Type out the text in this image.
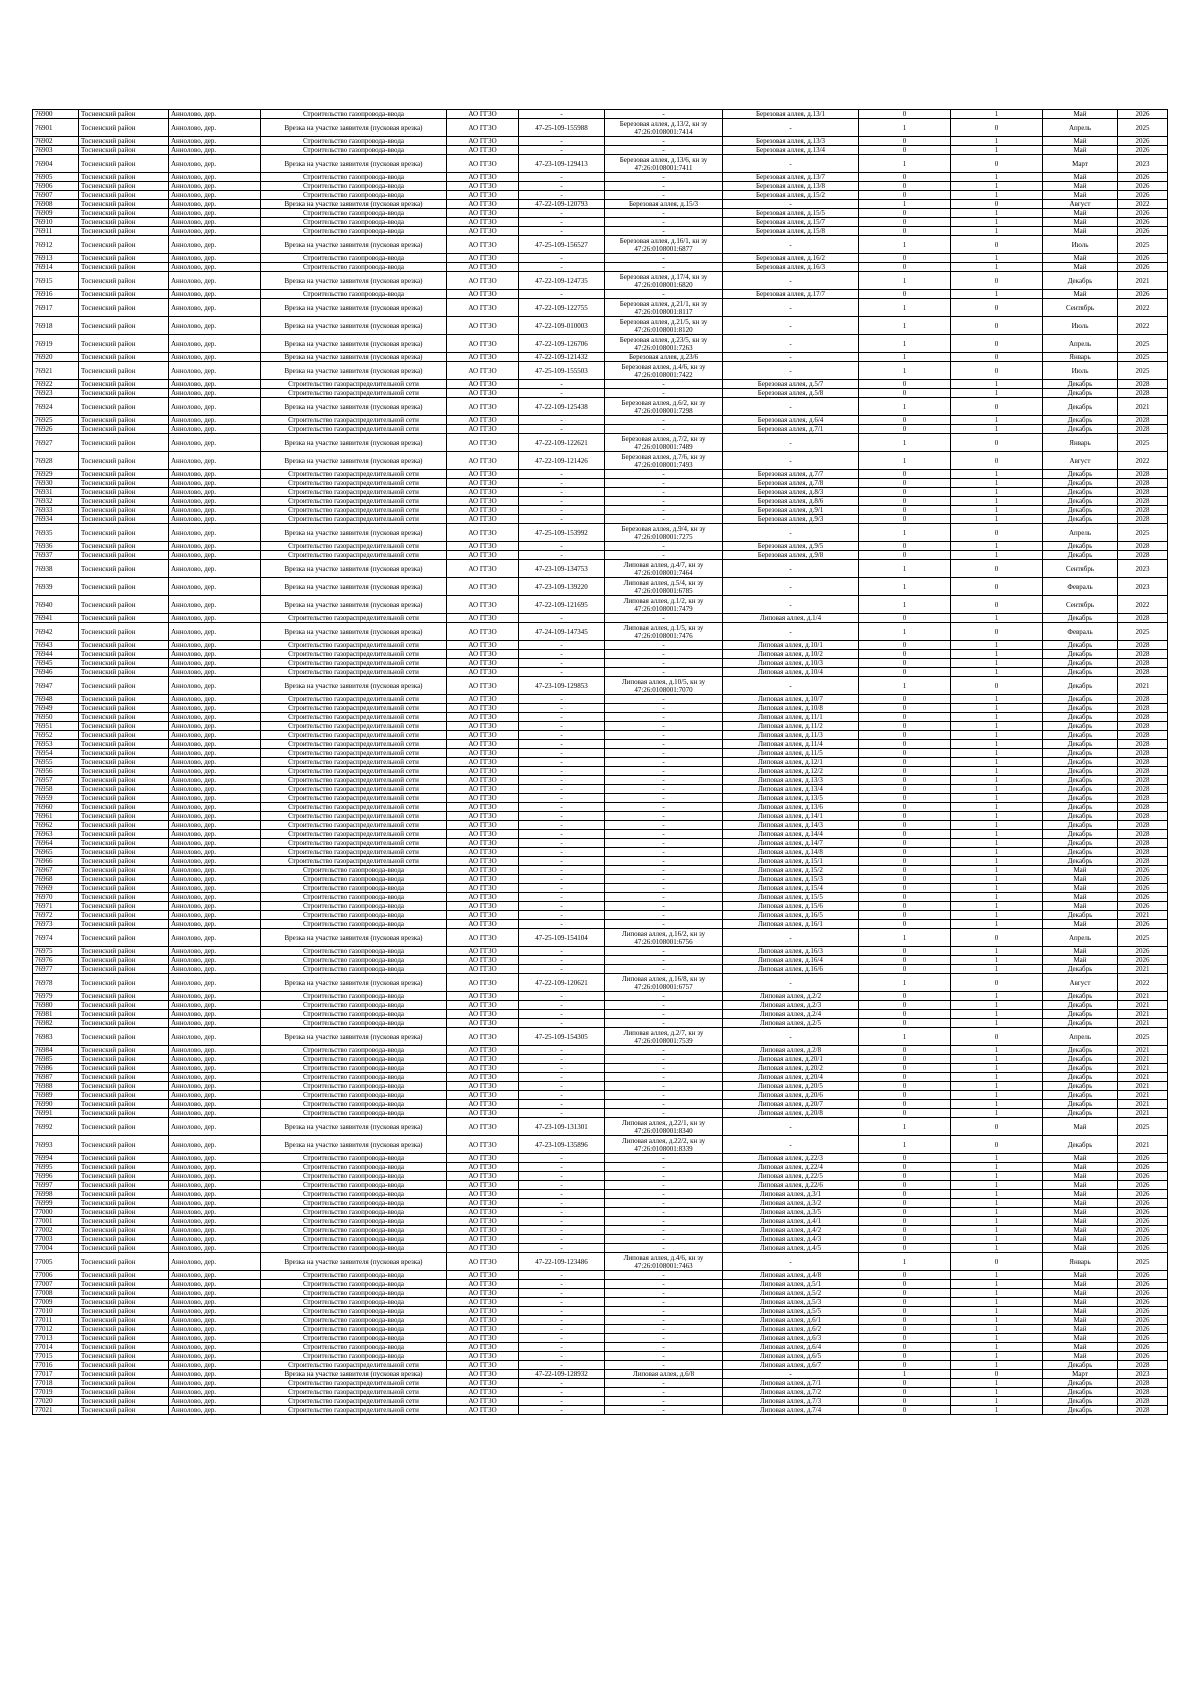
76900	Тосненский район	Аннолово, дер.	Строительство газопровода-ввода	АО ГГЗО	-	-	Березовая аллея, д.13/1	0	1	Май	2026
76901	Тосненский район	Аннолово, дер.	Врезка на участке заявителя (пусковая врезка)	АО ГГЗО	47-25-109-155988	Березовая аллея, д.13/2, кн зу 47:26:0108001:7414	-	1	0	Апрель	2025
76902	Тосненский район	Аннолово, дер.	Строительство газопровода-ввода	АО ГГЗО	-	-	Березовая аллея, д.13/3	0	1	Май	2026
76903	Тосненский район	Аннолово, дер.	Строительство газопровода-ввода	АО ГГЗО	-	-	Березовая аллея, д.13/4	0	1	Май	2026
76904	Тосненский район	Аннолово, дер.	Врезка на участке заявителя (пусковая врезка)	АО ГГЗО	47-23-109-129413	Березовая аллея, д.13/6, кн зу 47:26:0108001:7411	-	1	0	Март	2023
76905	Тосненский район	Аннолово, дер.	Строительство газопровода-ввода	АО ГГЗО	-	-	Березовая аллея, д.13/7	0	1	Май	2026
76906	Тосненский район	Аннолово, дер.	Строительство газопровода-ввода	АО ГГЗО	-	-	Березовая аллея, д.13/8	0	1	Май	2026
76907	Тосненский район	Аннолово, дер.	Строительство газопровода-ввода	АО ГГЗО	-	-	Березовая аллея, д.15/2	0	1	Май	2026
76908	Тосненский район	Аннолово, дер.	Врезка на участке заявителя (пусковая врезка)	АО ГГЗО	47-22-109-120793	Березовая аллея, д.15/3	-	1	0	Август	2022
76909	Тосненский район	Аннолово, дер.	Строительство газопровода-ввода	АО ГГЗО	-	-	Березовая аллея, д.15/5	0	1	Май	2026
76910	Тосненский район	Аннолово, дер.	Строительство газопровода-ввода	АО ГГЗО	-	-	Березовая аллея, д.15/7	0	1	Май	2026
76911	Тосненский район	Аннолово, дер.	Строительство газопровода-ввода	АО ГГЗО	-	-	Березовая аллея, д.15/8	0	1	Май	2026
76912	Тосненский район	Аннолово, дер.	Врезка на участке заявителя (пусковая врезка)	АО ГГЗО	47-25-109-156527	Березовая аллея, д.16/1, кн зу 47:26:0108001:6877	-	1	0	Июль	2025
76913	Тосненский район	Аннолово, дер.	Строительство газопровода-ввода	АО ГГЗО	-	-	Березовая аллея, д.16/2	0	1	Май	2026
76914	Тосненский район	Аннолово, дер.	Строительство газопровода-ввода	АО ГГЗО	-	-	Березовая аллея, д.16/3	0	1	Май	2026
76915	Тосненский район	Аннолово, дер.	Врезка на участке заявителя (пусковая врезка)	АО ГГЗО	47-22-109-124735	Березовая аллея, д.17/4, кн зу 47:26:0108001:6820	-	1	0	Декабрь	2021
76916	Тосненский район	Аннолово, дер.	Строительство газопровода-ввода	АО ГГЗО	-	-	Березовая аллея, д.17/7	0	1	Май	2026
76917	Тосненский район	Аннолово, дер.	Врезка на участке заявителя (пусковая врезка)	АО ГГЗО	47-22-109-122755	Березовая аллея, д.21/1, кн зу 47:26:0108001:8117	-	1	0	Сентябрь	2022
76918	Тосненский район	Аннолово, дер.	Врезка на участке заявителя (пусковая врезка)	АО ГГЗО	47-22-109-010003	Березовая аллея, д.21/5, кн зу 47:26:0108001:8120	-	1	0	Июль	2022
76919	Тосненский район	Аннолово, дер.	Врезка на участке заявителя (пусковая врезка)	АО ГГЗО	47-22-109-126706	Березовая аллея, д.23/5, кн зу 47:26:0108001:7263	-	1	0	Апрель	2025
76920	Тосненский район	Аннолово, дер.	Врезка на участке заявителя (пусковая врезка)	АО ГГЗО	47-22-109-121432	Березовая аллея, д.23/6	-	1	0	Январь	2025
76921	Тосненский район	Аннолово, дер.	Врезка на участке заявителя (пусковая врезка)	АО ГГЗО	47-25-109-155503	Березовая аллея, д.4/6, кн зу 47:26:0108001:7422	-	1	0	Июль	2025
76922	Тосненский район	Аннолово, дер.	Строительство газораспределительной сети	АО ГГЗО	-	-	Березовая аллея, д.5/7	0	1	Декабрь	2028
76923	Тосненский район	Аннолово, дер.	Строительство газораспределительной сети	АО ГГЗО	-	-	Березовая аллея, д.5/8	0	1	Декабрь	2028
76924	Тосненский район	Аннолово, дер.	Врезка на участке заявителя (пусковая врезка)	АО ГГЗО	47-22-109-125438	Березовая аллея, д.6/2, кн зу 47:26:0108001:7298	-	1	0	Декабрь	2021
76925	Тосненский район	Аннолово, дер.	Строительство газораспределительной сети	АО ГГЗО	-	-	Березовая аллея, д.6/4	0	1	Декабрь	2028
76926	Тосненский район	Аннолово, дер.	Строительство газораспределительной сети	АО ГГЗО	-	-	Березовая аллея, д.7/1	0	1	Декабрь	2028
76927	Тосненский район	Аннолово, дер.	Врезка на участке заявителя (пусковая врезка)	АО ГГЗО	47-22-109-122621	Березовая аллея, д.7/2, кн зу 47:26:0108001:7489	-	1	0	Январь	2025
76928	Тосненский район	Аннолово, дер.	Врезка на участке заявителя (пусковая врезка)	АО ГГЗО	47-22-109-121426	Березовая аллея, д.7/6, кн зу 47:26:0108001:7493	-	1	0	Август	2022
76929	Тосненский район	Аннолово, дер.	Строительство газораспределительной сети	АО ГГЗО	-	-	Березовая аллея, д.7/7	0	1	Декабрь	2028
76930	Тосненский район	Аннолово, дер.	Строительство газораспределительной сети	АО ГГЗО	-	-	Березовая аллея, д.7/8	0	1	Декабрь	2028
76931	Тосненский район	Аннолово, дер.	Строительство газораспределительной сети	АО ГГЗО	-	-	Березовая аллея, д.8/3	0	1	Декабрь	2028
76932	Тосненский район	Аннолово, дер.	Строительство газораспределительной сети	АО ГГЗО	-	-	Березовая аллея, д.8/6	0	1	Декабрь	2028
76933	Тосненский район	Аннолово, дер.	Строительство газораспределительной сети	АО ГГЗО	-	-	Березовая аллея, д.9/1	0	1	Декабрь	2028
76934	Тосненский район	Аннолово, дер.	Строительство газораспределительной сети	АО ГГЗО	-	-	Березовая аллея, д.9/3	0	1	Декабрь	2028
76935	Тосненский район	Аннолово, дер.	Врезка на участке заявителя (пусковая врезка)	АО ГГЗО	47-25-109-153992	Березовая аллея, д.9/4, кн зу 47:26:0108001:7275	-	1	0	Апрель	2025
76936	Тосненский район	Аннолово, дер.	Строительство газораспределительной сети	АО ГГЗО	-	-	Березовая аллея, д.9/5	0	1	Декабрь	2028
76937	Тосненский район	Аннолово, дер.	Строительство газораспределительной сети	АО ГГЗО	-	-	Березовая аллея, д.9/8	0	1	Декабрь	2028
76938	Тосненский район	Аннолово, дер.	Врезка на участке заявителя (пусковая врезка)	АО ГГЗО	47-23-109-134753	Липовая аллея, д.4/7, кн зу 47:26:0108001:7464	-	1	0	Сентябрь	2023
76939	Тосненский район	Аннолово, дер.	Врезка на участке заявителя (пусковая врезка)	АО ГГЗО	47-23-109-139220	Липовая аллея, д.5/4, кн зу 47:26:0108001:6785	-	1	0	Февраль	2023
76940	Тосненский район	Аннолово, дер.	Врезка на участке заявителя (пусковая врезка)	АО ГГЗО	47-22-109-121695	Липовая аллея, д.1/2, кн зу 47:26:0108001:7479	-	1	0	Сентябрь	2022
76941	Тосненский район	Аннолово, дер.	Строительство газораспределительной сети	АО ГГЗО	-	-	Липовая аллея, д.1/4	0	1	Декабрь	2028
76942	Тосненский район	Аннолово, дер.	Врезка на участке заявителя (пусковая врезка)	АО ГГЗО	47-24-109-147345	Липовая аллея, д.1/5, кн зу 47:26:0108001:7476	-	1	0	Февраль	2025
76943	Тосненский район	Аннолово, дер.	Строительство газораспределительной сети	АО ГГЗО	-	-	Липовая аллея, д.10/1	0	1	Декабрь	2028
76944	Тосненский район	Аннолово, дер.	Строительство газораспределительной сети	АО ГГЗО	-	-	Липовая аллея, д.10/2	0	1	Декабрь	2028
76945	Тосненский район	Аннолово, дер.	Строительство газораспределительной сети	АО ГГЗО	-	-	Липовая аллея, д.10/3	0	1	Декабрь	2028
76946	Тосненский район	Аннолово, дер.	Строительство газораспределительной сети	АО ГГЗО	-	-	Липовая аллея, д.10/4	0	1	Декабрь	2028
76947	Тосненский район	Аннолово, дер.	Врезка на участке заявителя (пусковая врезка)	АО ГГЗО	47-23-109-129853	Липовая аллея, д.10/5, кн зу 47:26:0108001:7070	-	1	0	Декабрь	2021
76948	Тосненский район	Аннолово, дер.	Строительство газораспределительной сети	АО ГГЗО	-	-	Липовая аллея, д.10/7	0	1	Декабрь	2028
76949	Тосненский район	Аннолово, дер.	Строительство газораспределительной сети	АО ГГЗО	-	-	Липовая аллея, д.10/8	0	1	Декабрь	2028
76950	Тосненский район	Аннолово, дер.	Строительство газораспределительной сети	АО ГГЗО	-	-	Липовая аллея, д.11/1	0	1	Декабрь	2028
76951	Тосненский район	Аннолово, дер.	Строительство газораспределительной сети	АО ГГЗО	-	-	Липовая аллея, д.11/2	0	1	Декабрь	2028
76952	Тосненский район	Аннолово, дер.	Строительство газораспределительной сети	АО ГГЗО	-	-	Липовая аллея, д.11/3	0	1	Декабрь	2028
76953	Тосненский район	Аннолово, дер.	Строительство газораспределительной сети	АО ГГЗО	-	-	Липовая аллея, д.11/4	0	1	Декабрь	2028
76954	Тосненский район	Аннолово, дер.	Строительство газораспределительной сети	АО ГГЗО	-	-	Липовая аллея, д.11/5	0	1	Декабрь	2028
76955	Тосненский район	Аннолово, дер.	Строительство газораспределительной сети	АО ГГЗО	-	-	Липовая аллея, д.12/1	0	1	Декабрь	2028
76956	Тосненский район	Аннолово, дер.	Строительство газораспределительной сети	АО ГГЗО	-	-	Липовая аллея, д.12/2	0	1	Декабрь	2028
76957	Тосненский район	Аннолово, дер.	Строительство газораспределительной сети	АО ГГЗО	-	-	Липовая аллея, д.13/3	0	1	Декабрь	2028
76958	Тосненский район	Аннолово, дер.	Строительство газораспределительной сети	АО ГГЗО	-	-	Липовая аллея, д.13/4	0	1	Декабрь	2028
76959	Тосненский район	Аннолово, дер.	Строительство газораспределительной сети	АО ГГЗО	-	-	Липовая аллея, д.13/5	0	1	Декабрь	2028
76960	Тосненский район	Аннолово, дер.	Строительство газораспределительной сети	АО ГГЗО	-	-	Липовая аллея, д.13/6	0	1	Декабрь	2028
76961	Тосненский район	Аннолово, дер.	Строительство газораспределительной сети	АО ГГЗО	-	-	Липовая аллея, д.14/1	0	1	Декабрь	2028
76962	Тосненский район	Аннолово, дер.	Строительство газораспределительной сети	АО ГГЗО	-	-	Липовая аллея, д.14/3	0	1	Декабрь	2028
76963	Тосненский район	Аннолово, дер.	Строительство газораспределительной сети	АО ГГЗО	-	-	Липовая аллея, д.14/4	0	1	Декабрь	2028
76964	Тосненский район	Аннолово, дер.	Строительство газораспределительной сети	АО ГГЗО	-	-	Липовая аллея, д.14/7	0	1	Декабрь	2028
76965	Тосненский район	Аннолово, дер.	Строительство газораспределительной сети	АО ГГЗО	-	-	Липовая аллея, д.14/8	0	1	Декабрь	2028
76966	Тосненский район	Аннолово, дер.	Строительство газораспределительной сети	АО ГГЗО	-	-	Липовая аллея, д.15/1	0	1	Декабрь	2028
76967	Тосненский район	Аннолово, дер.	Строительство газопровода-ввода	АО ГГЗО	-	-	Липовая аллея, д.15/2	0	1	Май	2026
76968	Тосненский район	Аннолово, дер.	Строительство газопровода-ввода	АО ГГЗО	-	-	Липовая аллея, д.15/3	0	1	Май	2026
76969	Тосненский район	Аннолово, дер.	Строительство газопровода-ввода	АО ГГЗО	-	-	Липовая аллея, д.15/4	0	1	Май	2026
76970	Тосненский район	Аннолово, дер.	Строительство газопровода-ввода	АО ГГЗО	-	-	Липовая аллея, д.15/5	0	1	Май	2026
76971	Тосненский район	Аннолово, дер.	Строительство газопровода-ввода	АО ГГЗО	-	-	Липовая аллея, д.15/6	0	1	Май	2026
76972	Тосненский район	Аннолово, дер.	Строительство газопровода-ввода	АО ГГЗО	-	-	Липовая аллея, д.16/5	0	1	Декабрь	2021
76973	Тосненский район	Аннолово, дер.	Строительство газопровода-ввода	АО ГГЗО	-	-	Липовая аллея, д.16/1	0	1	Май	2026
76974	Тосненский район	Аннолово, дер.	Врезка на участке заявителя (пусковая врезка)	АО ГГЗО	47-25-109-154104	Липовая аллея, д.16/2, кн зу 47:26:0108001:6756	-	1	0	Апрель	2025
76975	Тосненский район	Аннолово, дер.	Строительство газопровода-ввода	АО ГГЗО	-	-	Липовая аллея, д.16/3	0	1	Май	2026
76976	Тосненский район	Аннолово, дер.	Строительство газопровода-ввода	АО ГГЗО	-	-	Липовая аллея, д.16/4	0	1	Май	2026
76977	Тосненский район	Аннолово, дер.	Строительство газопровода-ввода	АО ГГЗО	-	-	Липовая аллея, д.16/6	0	1	Декабрь	2021
76978	Тосненский район	Аннолово, дер.	Врезка на участке заявителя (пусковая врезка)	АО ГГЗО	47-22-109-120621	Липовая аллея, д.16/8, кн зу 47:26:0108001:6757	-	1	0	Август	2022
76979	Тосненский район	Аннолово, дер.	Строительство газопровода-ввода	АО ГГЗО	-	-	Липовая аллея, д.2/2	0	1	Декабрь	2021
76980	Тосненский район	Аннолово, дер.	Строительство газопровода-ввода	АО ГГЗО	-	-	Липовая аллея, д.2/3	0	1	Декабрь	2021
76981	Тосненский район	Аннолово, дер.	Строительство газопровода-ввода	АО ГГЗО	-	-	Липовая аллея, д.2/4	0	1	Декабрь	2021
76982	Тосненский район	Аннолово, дер.	Строительство газопровода-ввода	АО ГГЗО	-	-	Липовая аллея, д.2/5	0	1	Декабрь	2021
76983	Тосненский район	Аннолово, дер.	Врезка на участке заявителя (пусковая врезка)	АО ГГЗО	47-25-109-154305	Липовая аллея, д.2/7, кн зу 47:26:0108001:7539	-	1	0	Апрель	2025
76984	Тосненский район	Аннолово, дер.	Строительство газопровода-ввода	АО ГГЗО	-	-	Липовая аллея, д.2/8	0	1	Декабрь	2021
76985	Тосненский район	Аннолово, дер.	Строительство газопровода-ввода	АО ГГЗО	-	-	Липовая аллея, д.20/1	0	1	Декабрь	2021
76986	Тосненский район	Аннолово, дер.	Строительство газопровода-ввода	АО ГГЗО	-	-	Липовая аллея, д.20/2	0	1	Декабрь	2021
76987	Тосненский район	Аннолово, дер.	Строительство газопровода-ввода	АО ГГЗО	-	-	Липовая аллея, д.20/4	0	1	Декабрь	2021
76988	Тосненский район	Аннолово, дер.	Строительство газопровода-ввода	АО ГГЗО	-	-	Липовая аллея, д.20/5	0	1	Декабрь	2021
76989	Тосненский район	Аннолово, дер.	Строительство газопровода-ввода	АО ГГЗО	-	-	Липовая аллея, д.20/6	0	1	Декабрь	2021
76990	Тосненский район	Аннолово, дер.	Строительство газопровода-ввода	АО ГГЗО	-	-	Липовая аллея, д.20/7	0	1	Декабрь	2021
76991	Тосненский район	Аннолово, дер.	Строительство газопровода-ввода	АО ГГЗО	-	-	Липовая аллея, д.20/8	0	1	Декабрь	2021
76992	Тосненский район	Аннолово, дер.	Врезка на участке заявителя (пусковая врезка)	АО ГГЗО	47-23-109-131301	Липовая аллея, д.22/1, кн зу 47:26:0108001:8340	-	1	0	Май	2025
76993	Тосненский район	Аннолово, дер.	Врезка на участке заявителя (пусковая врезка)	АО ГГЗО	47-23-109-135896	Липовая аллея, д.22/2, кн зу 47:26:0108001:8339	-	1	0	Декабрь	2021
76994	Тосненский район	Аннолово, дер.	Строительство газопровода-ввода	АО ГГЗО	-	-	Липовая аллея, д.22/3	0	1	Май	2026
76995	Тосненский район	Аннолово, дер.	Строительство газопровода-ввода	АО ГГЗО	-	-	Липовая аллея, д.22/4	0	1	Май	2026
76996	Тосненский район	Аннолово, дер.	Строительство газопровода-ввода	АО ГГЗО	-	-	Липовая аллея, д.22/5	0	1	Май	2026
76997	Тосненский район	Аннолово, дер.	Строительство газопровода-ввода	АО ГГЗО	-	-	Липовая аллея, д.22/6	0	1	Май	2026
76998	Тосненский район	Аннолово, дер.	Строительство газопровода-ввода	АО ГГЗО	-	-	Липовая аллея, д.3/1	0	1	Май	2026
76999	Тосненский район	Аннолово, дер.	Строительство газопровода-ввода	АО ГГЗО	-	-	Липовая аллея, д.3/2	0	1	Май	2026
77000	Тосненский район	Аннолово, дер.	Строительство газопровода-ввода	АО ГГЗО	-	-	Липовая аллея, д.3/5	0	1	Май	2026
77001	Тосненский район	Аннолово, дер.	Строительство газопровода-ввода	АО ГГЗО	-	-	Липовая аллея, д.4/1	0	1	Май	2026
77002	Тосненский район	Аннолово, дер.	Строительство газопровода-ввода	АО ГГЗО	-	-	Липовая аллея, д.4/2	0	1	Май	2026
77003	Тосненский район	Аннолово, дер.	Строительство газопровода-ввода	АО ГГЗО	-	-	Липовая аллея, д.4/3	0	1	Май	2026
77004	Тосненский район	Аннолово, дер.	Строительство газопровода-ввода	АО ГГЗО	-	-	Липовая аллея, д.4/5	0	1	Май	2026
77005	Тосненский район	Аннолово, дер.	Врезка на участке заявителя (пусковая врезка)	АО ГГЗО	47-22-109-123486	Липовая аллея, д.4/6, кн зу 47:26:0108001:7463	-	1	0	Январь	2025
77006	Тосненский район	Аннолово, дер.	Строительство газопровода-ввода	АО ГГЗО	-	-	Липовая аллея, д.4/8	0	1	Май	2026
77007	Тосненский район	Аннолово, дер.	Строительство газопровода-ввода	АО ГГЗО	-	-	Липовая аллея, д.5/1	0	1	Май	2026
77008	Тосненский район	Аннолово, дер.	Строительство газопровода-ввода	АО ГГЗО	-	-	Липовая аллея, д.5/2	0	1	Май	2026
77009	Тосненский район	Аннолово, дер.	Строительство газопровода-ввода	АО ГГЗО	-	-	Липовая аллея, д.5/3	0	1	Май	2026
77010	Тосненский район	Аннолово, дер.	Строительство газопровода-ввода	АО ГГЗО	-	-	Липовая аллея, д.5/5	0	1	Май	2026
77011	Тосненский район	Аннолово, дер.	Строительство газопровода-ввода	АО ГГЗО	-	-	Липовая аллея, д.6/1	0	1	Май	2026
77012	Тосненский район	Аннолово, дер.	Строительство газопровода-ввода	АО ГГЗО	-	-	Липовая аллея, д.6/2	0	1	Май	2026
77013	Тосненский район	Аннолово, дер.	Строительство газопровода-ввода	АО ГГЗО	-	-	Липовая аллея, д.6/3	0	1	Май	2026
77014	Тосненский район	Аннолово, дер.	Строительство газопровода-ввода	АО ГГЗО	-	-	Липовая аллея, д.6/4	0	1	Май	2026
77015	Тосненский район	Аннолово, дер.	Строительство газопровода-ввода	АО ГГЗО	-	-	Липовая аллея, д.6/5	0	1	Май	2026
77016	Тосненский район	Аннолово, дер.	Строительство газораспределительной сети	АО ГГЗО	-	-	Липовая аллея, д.6/7	0	1	Декабрь	2028
77017	Тосненский район	Аннолово, дер.	Врезка на участке заявителя (пусковая врезка)	АО ГГЗО	47-22-109-128932	Липовая аллея, д.6/8	-	1	0	Март	2023
77018	Тосненский район	Аннолово, дер.	Строительство газораспределительной сети	АО ГГЗО	-	-	Липовая аллея, д.7/1	0	1	Декабрь	2028
77019	Тосненский район	Аннолово, дер.	Строительство газораспределительной сети	АО ГГЗО	-	-	Липовая аллея, д.7/2	0	1	Декабрь	2028
77020	Тосненский район	Аннолово, дер.	Строительство газораспределительной сети	АО ГГЗО	-	-	Липовая аллея, д.7/3	0	1	Декабрь	2028
77021	Тосненский район	Аннолово, дер.	Строительство газораспределительной сети	АО ГГЗО	-	-	Липовая аллея, д.7/4	0	1	Декабрь	2028
